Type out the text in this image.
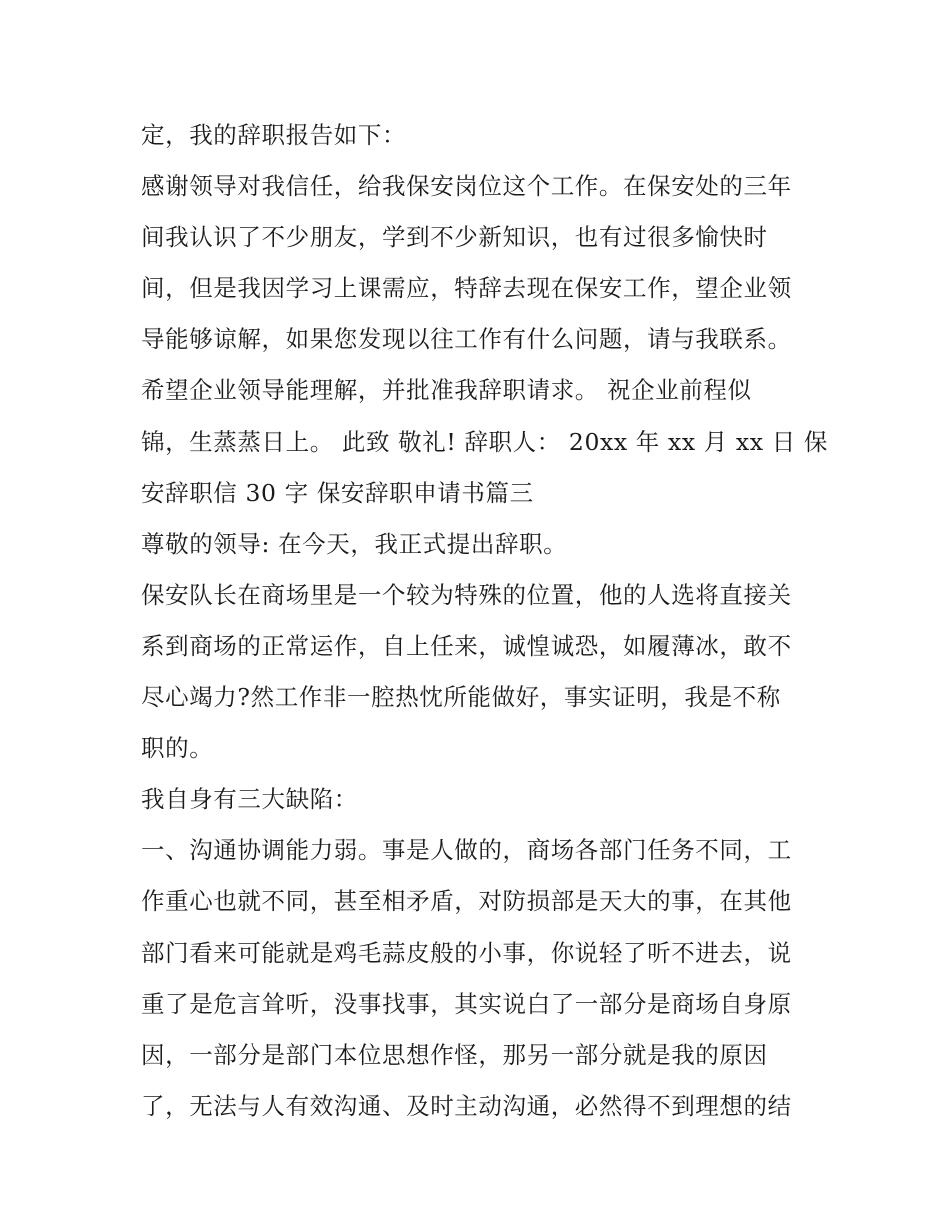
定，我的辞职报告如下：
感谢领导对我信任，给我保安岗位这个工作。在保安处的三年
间我认识了不少朋友，学到不少新知识，也有过很多愉快时
间，但是我因学习上课需应，特辞去现在保安工作，望企业领
导能够谅解，如果您发现以往工作有什么问题，请与我联系。
希望企业领导能理解，并批准我辞职请求。 祝企业前程似
锦，生蒸蒸日上。 此致 敬礼! 辞职人： 20xx 年 xx 月 xx 日 保
安辞职信 30 字 保安辞职申请书篇三
尊敬的领导: 在今天，我正式提出辞职。
保安队长在商场里是一个较为特殊的位置，他的人选将直接关
系到商场的正常运作，自上任来，诚惶诚恐，如履薄冰，敢不
尽心竭力?然工作非一腔热忱所能做好，事实证明，我是不称
职的。
我自身有三大缺陷：
一、沟通协调能力弱。事是人做的，商场各部门任务不同，工
作重心也就不同，甚至相矛盾，对防损部是天大的事，在其他
部门看来可能就是鸡毛蒜皮般的小事，你说轻了听不进去，说
重了是危言耸听，没事找事，其实说白了一部分是商场自身原
因，一部分是部门本位思想作怪，那另一部分就是我的原因
了，无法与人有效沟通、及时主动沟通，必然得不到理想的结
